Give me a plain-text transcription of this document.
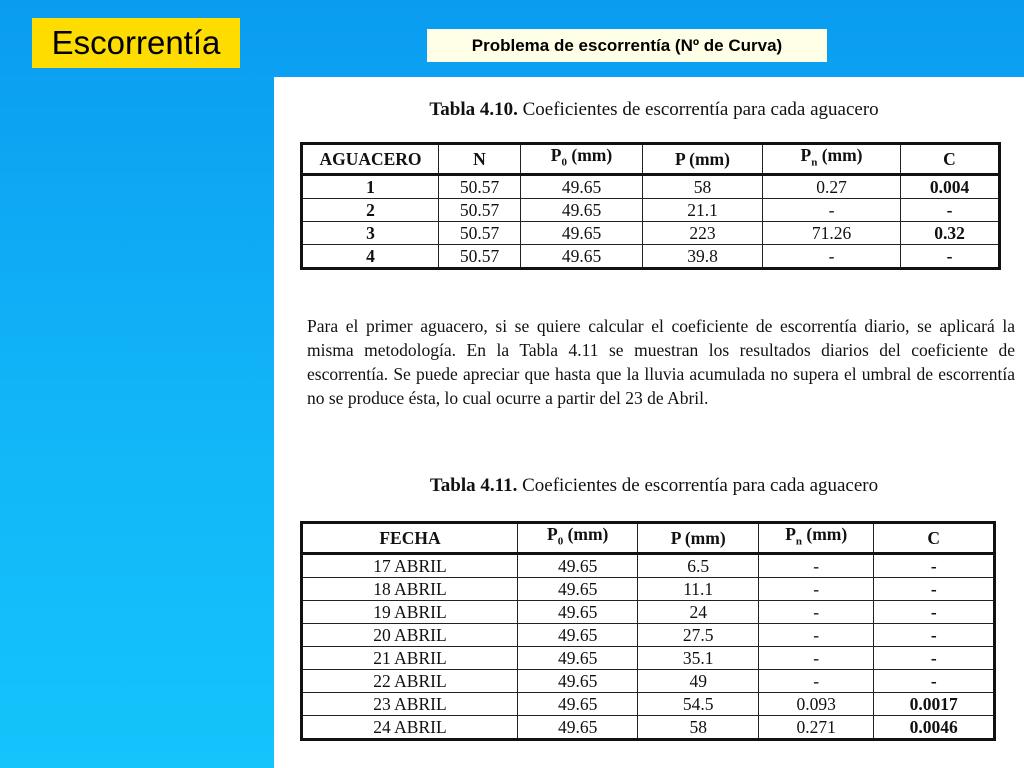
Escorrentía	Problema de escorrentía (Nº de Curva)
Tabla 4.10. Coeficientes de escorrentía para cada aguacero
AGUACERO	N	$P_0$ (mm)	P (mm)	$P_n$ (mm)	C
1	50.57	49.65	58	0.27	0.004
2	50.57	49.65	21.1	-	-
3	50.57	49.65	223	71.26	0.32
4	50.57	49.65	39.8	-	-
Para el primer aguacero, si se quiere calcular el coeficiente de escorrentía diario, se aplicará la misma metodología. En la Tabla 4.11 se muestran los resultados diarios del coeficiente de escorrentía. Se puede apreciar que hasta que la lluvia acumulada no supera el umbral de escorrentía no se produce ésta, lo cual ocurre a partir del 23 de Abril.
Tabla 4.11. Coeficientes de escorrentía para cada aguacero
FECHA	$P_0$ (mm)	P (mm)	$P_n$ (mm)	C
17 ABRIL	49.65	6.5	-	-
18 ABRIL	49.65	11.1	-	-
19 ABRIL	49.65	24	-	-
20 ABRIL	49.65	27.5	-	-
21 ABRIL	49.65	35.1	-	-
22 ABRIL	49.65	49	-	-
23 ABRIL	49.65	54.5	0.093	0.0017
24 ABRIL	49.65	58	0.271	0.0046
